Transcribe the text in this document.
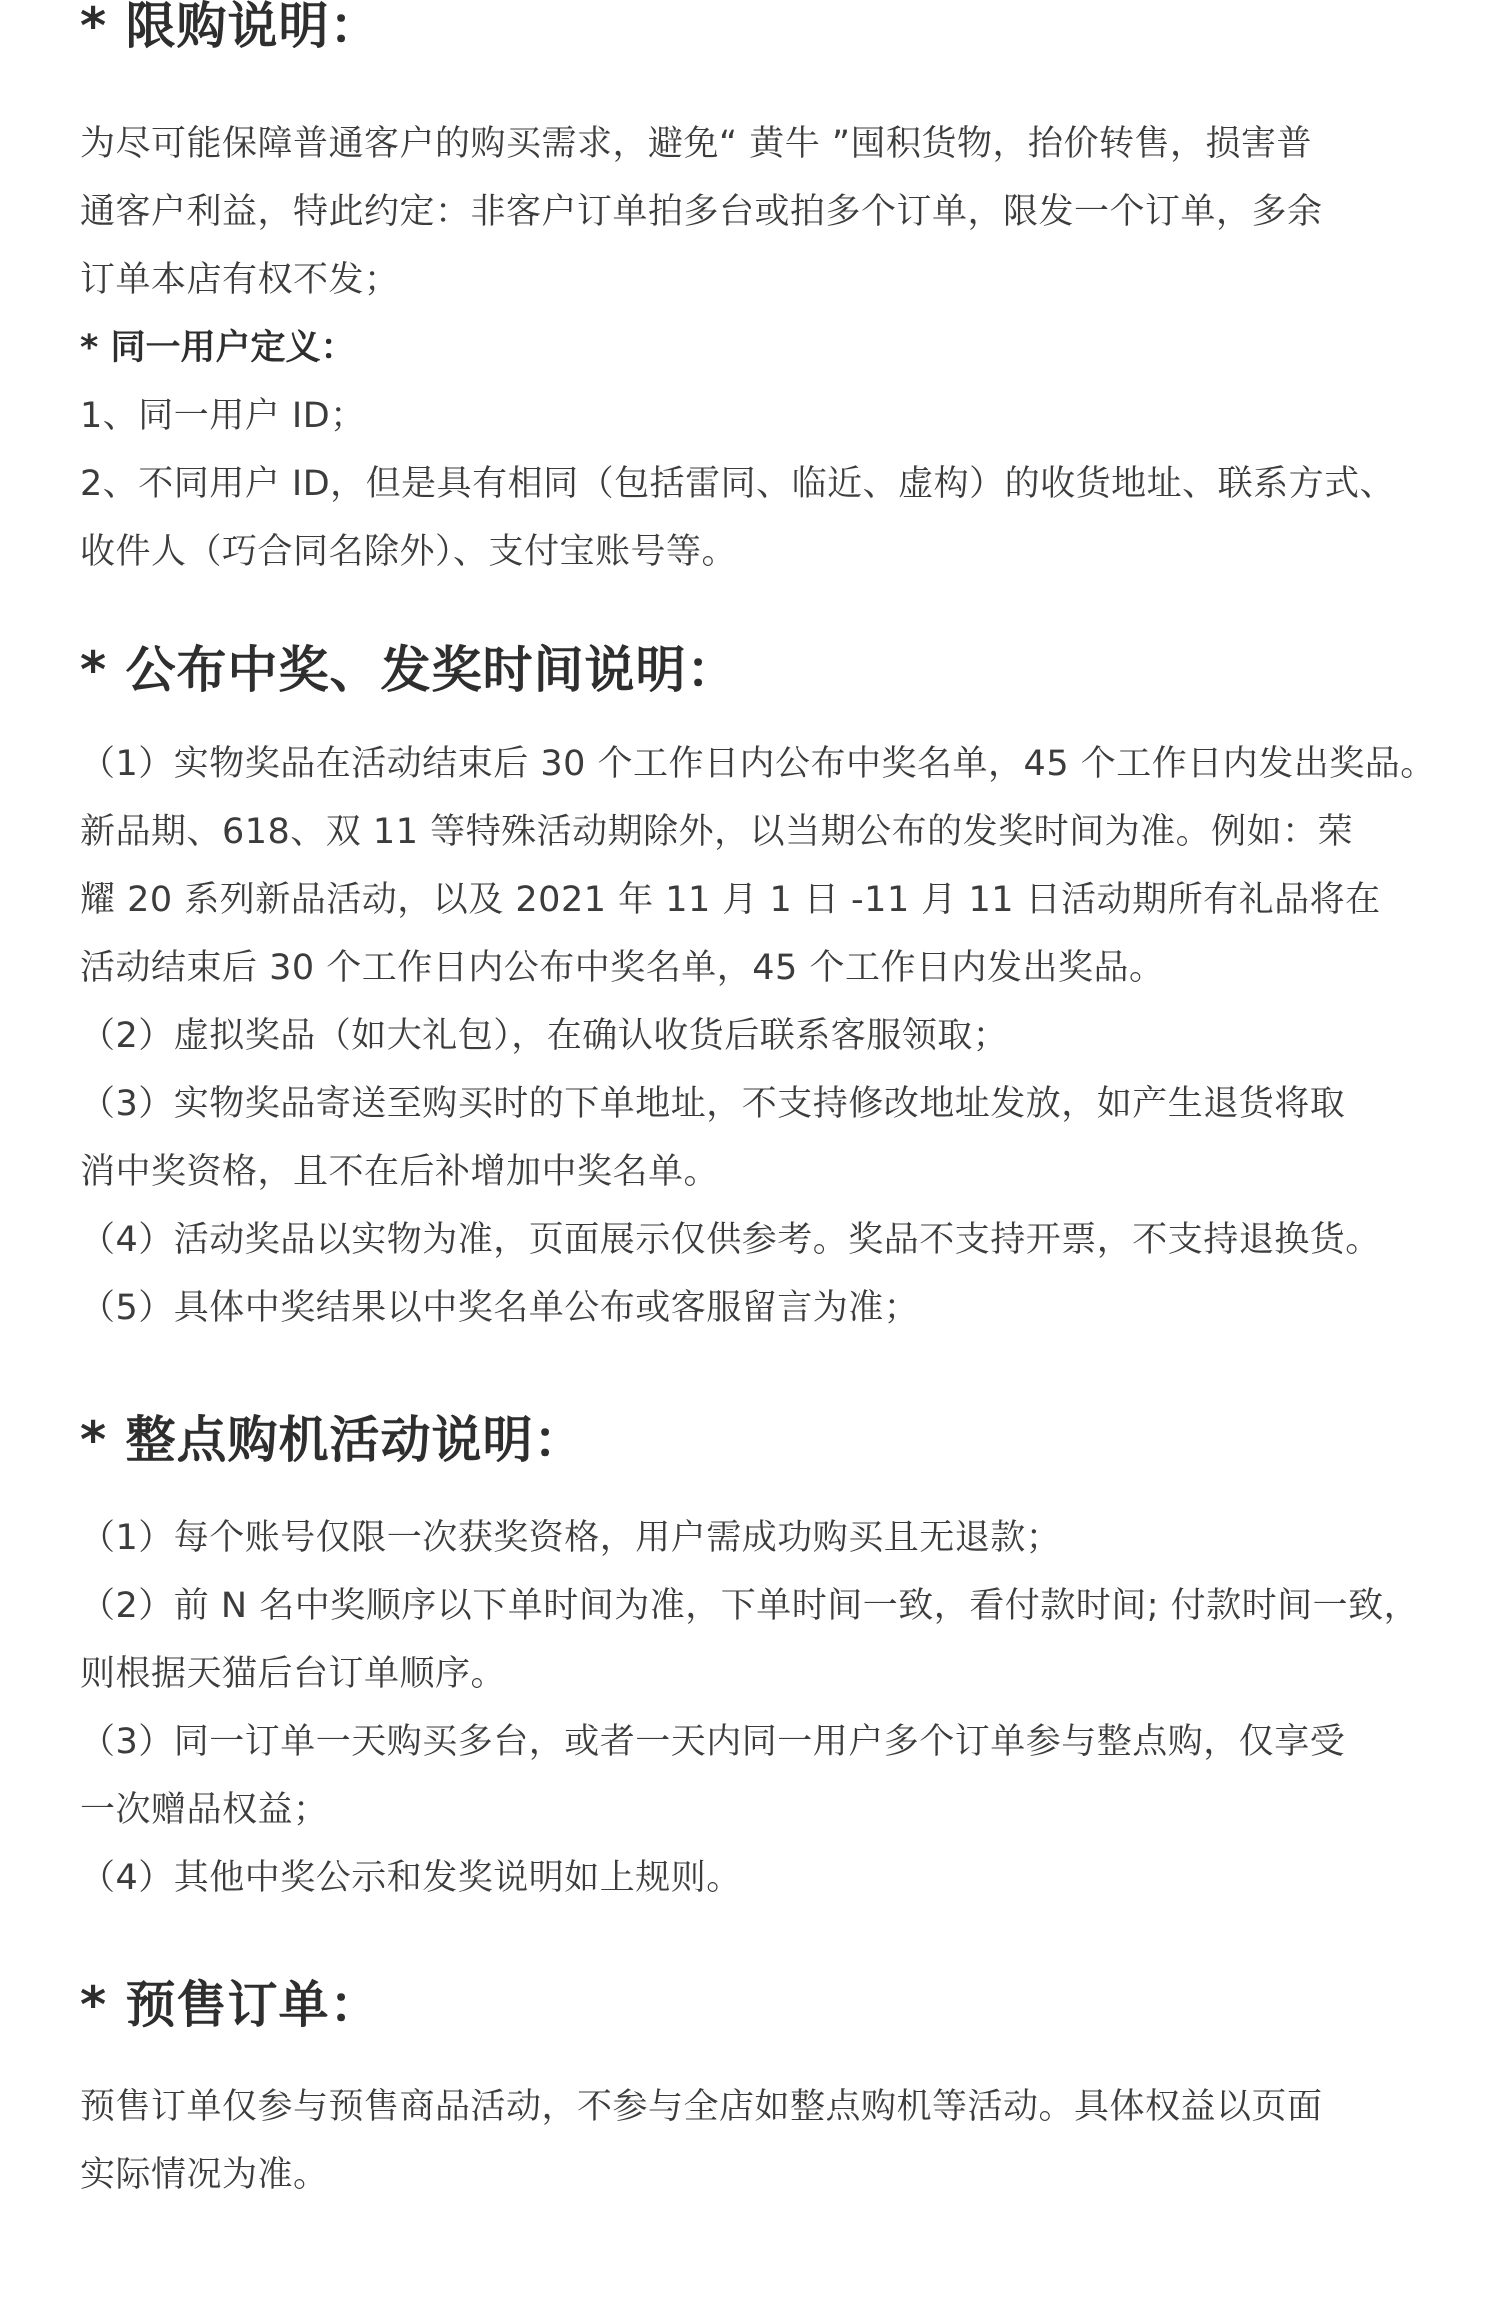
* 限购说明：

为尽可能保障普通客户的购买需求，避免“ 黄牛 ”囤积货物，抬价转售，损害普

通客户利益，特此约定：非客户订单拍多台或拍多个订单，限发一个订单，多余

订单本店有权不发；

* 同一用户定义：

1、同一用户 ID；

2、不同用户 ID，但是具有相同（包括雷同、临近、虚构）的收货地址、联系方式、

收件人（巧合同名除外）、支付宝账号等。

* 公布中奖、发奖时间说明：

（1）实物奖品在活动结束后 30 个工作日内公布中奖名单，45 个工作日内发出奖品。

新品期、618、双 11 等特殊活动期除外，以当期公布的发奖时间为准。例如：荣

耀 20 系列新品活动，以及 2021 年 11 月 1 日 -11 月 11 日活动期所有礼品将在

活动结束后 30 个工作日内公布中奖名单，45 个工作日内发出奖品。

（2）虚拟奖品（如大礼包），在确认收货后联系客服领取；

（3）实物奖品寄送至购买时的下单地址，不支持修改地址发放，如产生退货将取

消中奖资格，且不在后补增加中奖名单。

（4）活动奖品以实物为准，页面展示仅供参考。奖品不支持开票，不支持退换货。

（5）具体中奖结果以中奖名单公布或客服留言为准；

* 整点购机活动说明：

（1）每个账号仅限一次获奖资格，用户需成功购买且无退款；

（2）前 N 名中奖顺序以下单时间为准，下单时间一致，看付款时间; 付款时间一致，

则根据天猫后台订单顺序。

（3）同一订单一天购买多台，或者一天内同一用户多个订单参与整点购，仅享受

一次赠品权益；

（4）其他中奖公示和发奖说明如上规则。

* 预售订单：

预售订单仅参与预售商品活动，不参与全店如整点购机等活动。具体权益以页面

实际情况为准。
